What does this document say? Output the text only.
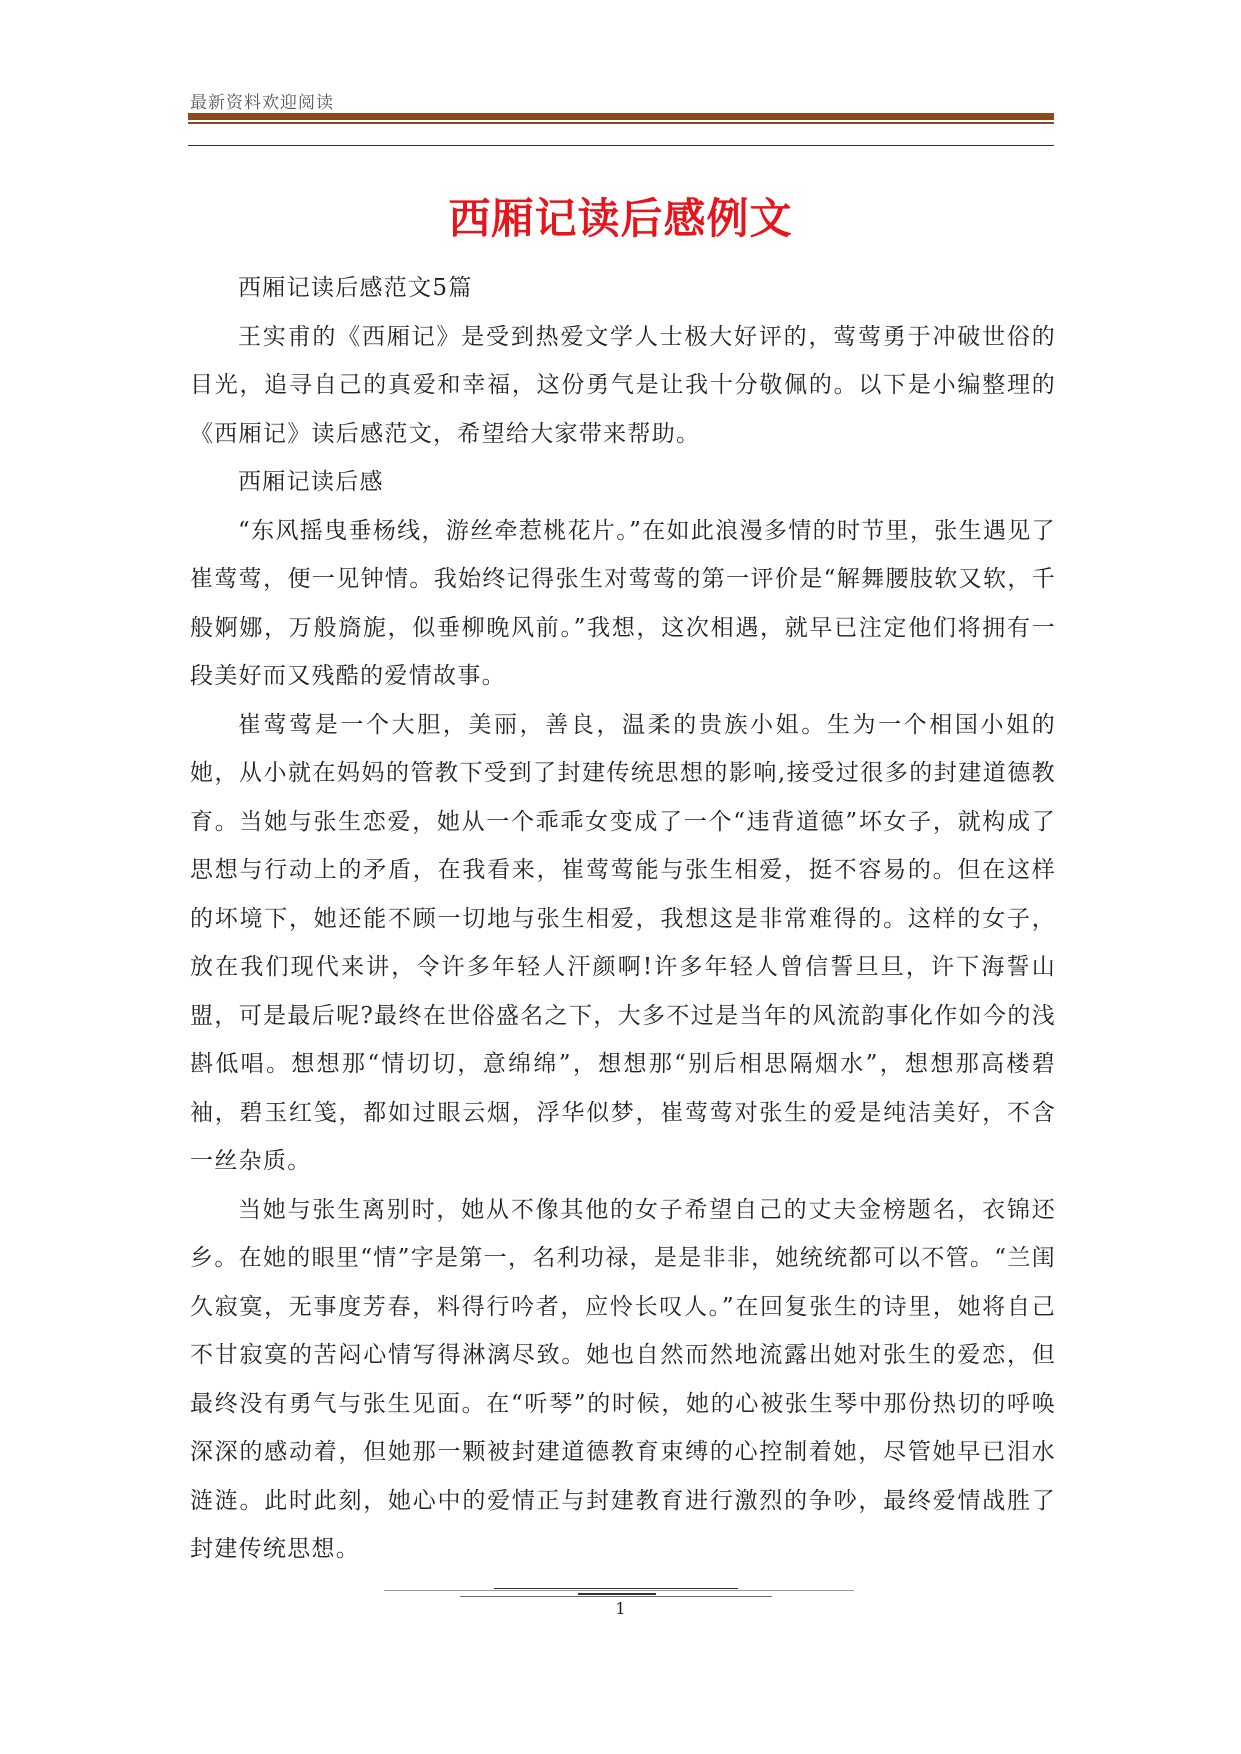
最新资料欢迎阅读
西厢记读后感例文

西厢记读后感范文5篇

王实甫的《西厢记》是受到热爱文学人士极大好评的，莺莺勇于冲破世俗的目光，追寻自己的真爱和幸福，这份勇气是让我十分敬佩的。以下是小编整理的《西厢记》读后感范文，希望给大家带来帮助。

西厢记读后感

“东风摇曳垂杨线，游丝牵惹桃花片。”在如此浪漫多情的时节里，张生遇见了崔莺莺，便一见钟情。我始终记得张生对莺莺的第一评价是“解舞腰肢软又软，千般婀娜，万般旖旎，似垂柳晚风前。”我想，这次相遇，就早已注定他们将拥有一段美好而又残酷的爱情故事。

崔莺莺是一个大胆，美丽，善良，温柔的贵族小姐。生为一个相国小姐的她，从小就在妈妈的管教下受到了封建传统思想的影响,接受过很多的封建道德教育。当她与张生恋爱，她从一个乖乖女变成了一个“违背道德”坏女子，就构成了思想与行动上的矛盾，在我看来，崔莺莺能与张生相爱，挺不容易的。但在这样的坏境下，她还能不顾一切地与张生相爱，我想这是非常难得的。这样的女子，放在我们现代来讲，令许多年轻人汗颜啊!许多年轻人曾信誓旦旦，许下海誓山盟，可是最后呢?最终在世俗盛名之下，大多不过是当年的风流韵事化作如今的浅斟低唱。想想那“情切切，意绵绵”，想想那“别后相思隔烟水”，想想那高楼碧袖，碧玉红笺，都如过眼云烟，浮华似梦，崔莺莺对张生的爱是纯洁美好，不含一丝杂质。

当她与张生离别时，她从不像其他的女子希望自己的丈夫金榜题名，衣锦还乡。在她的眼里“情”字是第一，名利功禄，是是非非，她统统都可以不管。“兰闺久寂寞，无事度芳春，料得行吟者，应怜长叹人。”在回复张生的诗里，她将自己不甘寂寞的苦闷心情写得淋漓尽致。她也自然而然地流露出她对张生的爱恋，但最终没有勇气与张生见面。在“听琴”的时候，她的心被张生琴中那份热切的呼唤深深的感动着，但她那一颗被封建道德教育束缚的心控制着她，尽管她早已泪水涟涟。此时此刻，她心中的爱情正与封建教育进行激烈的争吵，最终爱情战胜了封建传统思想。

1
